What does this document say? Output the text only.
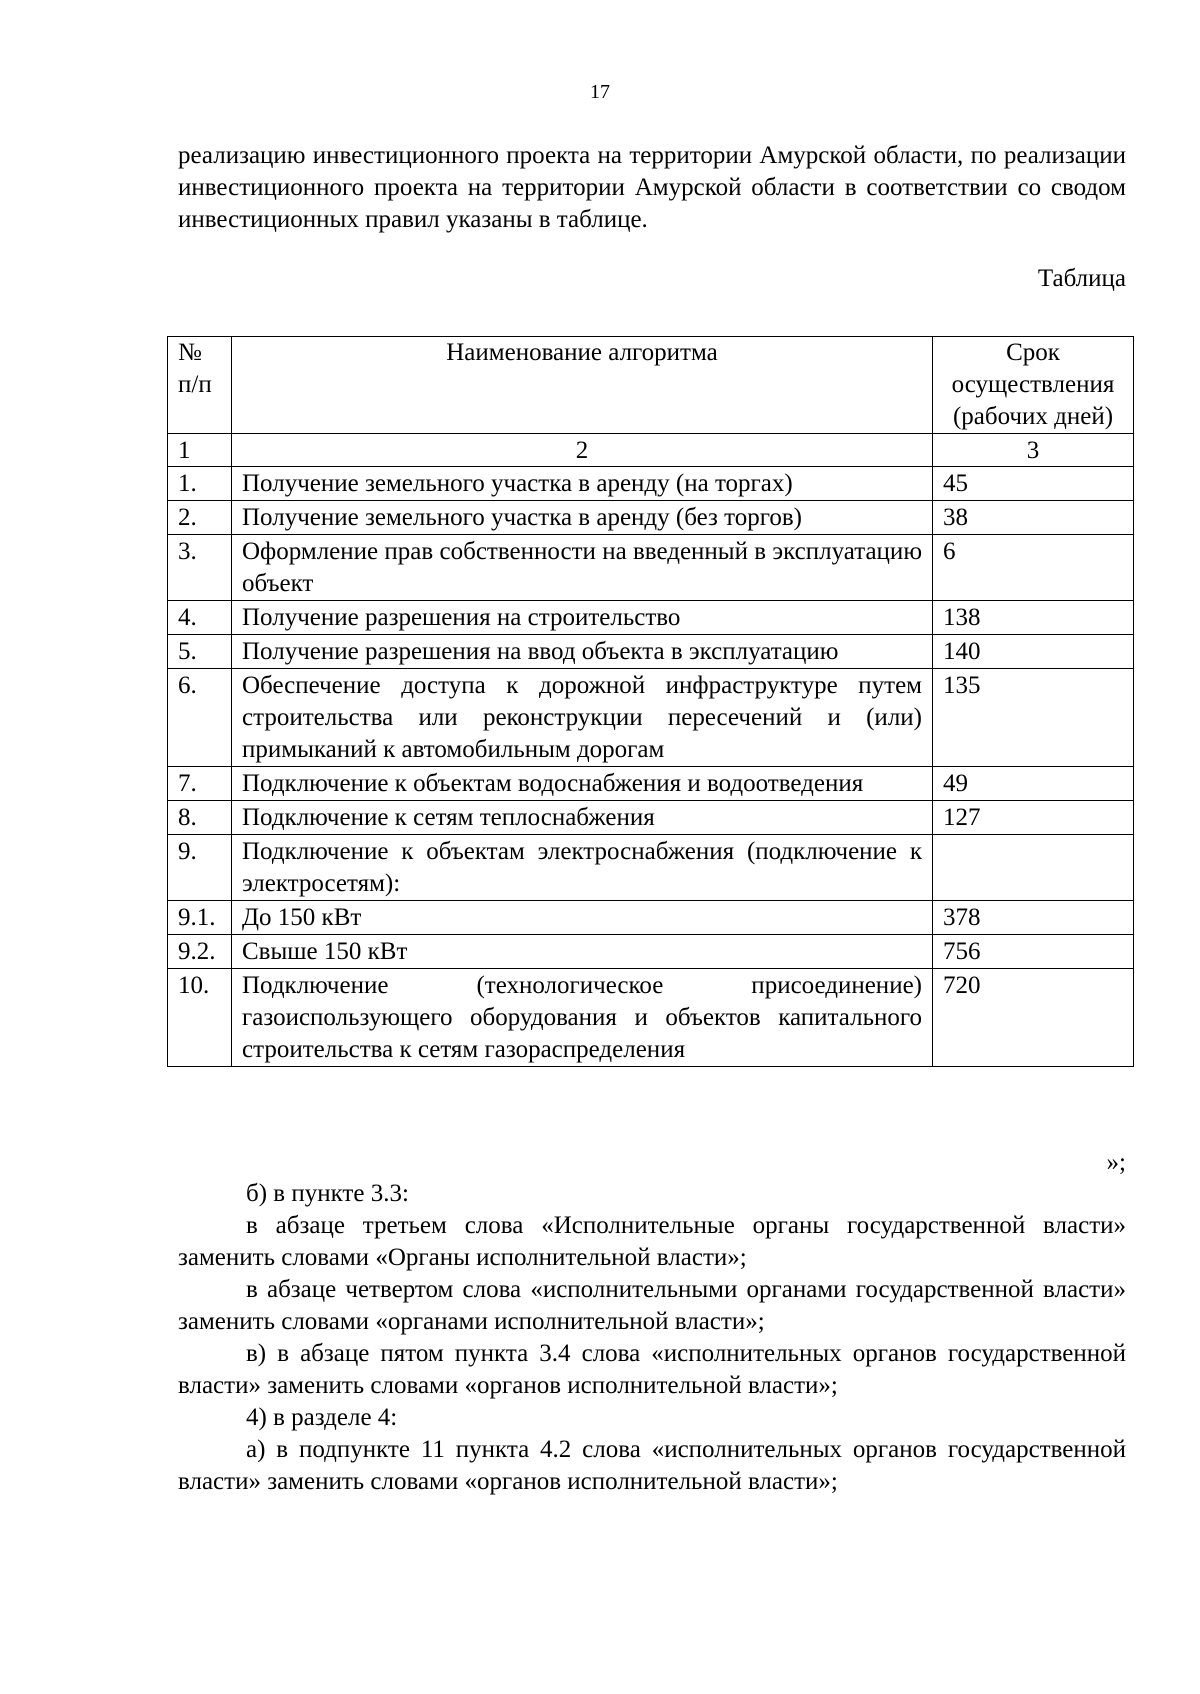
17
реализацию инвестиционного проекта на территории Амурской области, по реализации инвестиционного проекта на территории Амурской области в соответствии со сводом инвестиционных правил указаны в таблице.
Таблица
№ п/п	Наименование алгоритма	Срок осуществления (рабочих дней)
1	2	3
1.	Получение земельного участка в аренду (на торгах)	45
2.	Получение земельного участка в аренду (без торгов)	38
3.	Оформление прав собственности на введенный в эксплуатацию объект	6
4.	Получение разрешения на строительство	138
5.	Получение разрешения на ввод объекта в эксплуатацию	140
6.	Обеспечение доступа к дорожной инфраструктуре путем строительства или реконструкции пересечений и (или) примыканий к автомобильным дорогам	135
7.	Подключение к объектам водоснабжения и водоотведения	49
8.	Подключение к сетям теплоснабжения	127
9.	Подключение к объектам электроснабжения (подключение к электросетям):	
9.1.	До 150 кВт	378
9.2.	Свыше 150 кВт	756
10.	Подключение (технологическое присоединение) газоиспользующего оборудования и объектов капитального строительства к сетям газораспределения	720
»;

б) в пункте 3.3:

в абзаце третьем слова «Исполнительные органы государственной власти» заменить словами «Органы исполнительной власти»;

в абзаце четвертом слова «исполнительными органами государственной власти» заменить словами «органами исполнительной власти»;

в) в абзаце пятом пункта 3.4 слова «исполнительных органов государственной власти» заменить словами «органов исполнительной власти»;

4) в разделе 4:

а) в подпункте 11 пункта 4.2 слова «исполнительных органов государственной власти» заменить словами «органов исполнительной власти»;
